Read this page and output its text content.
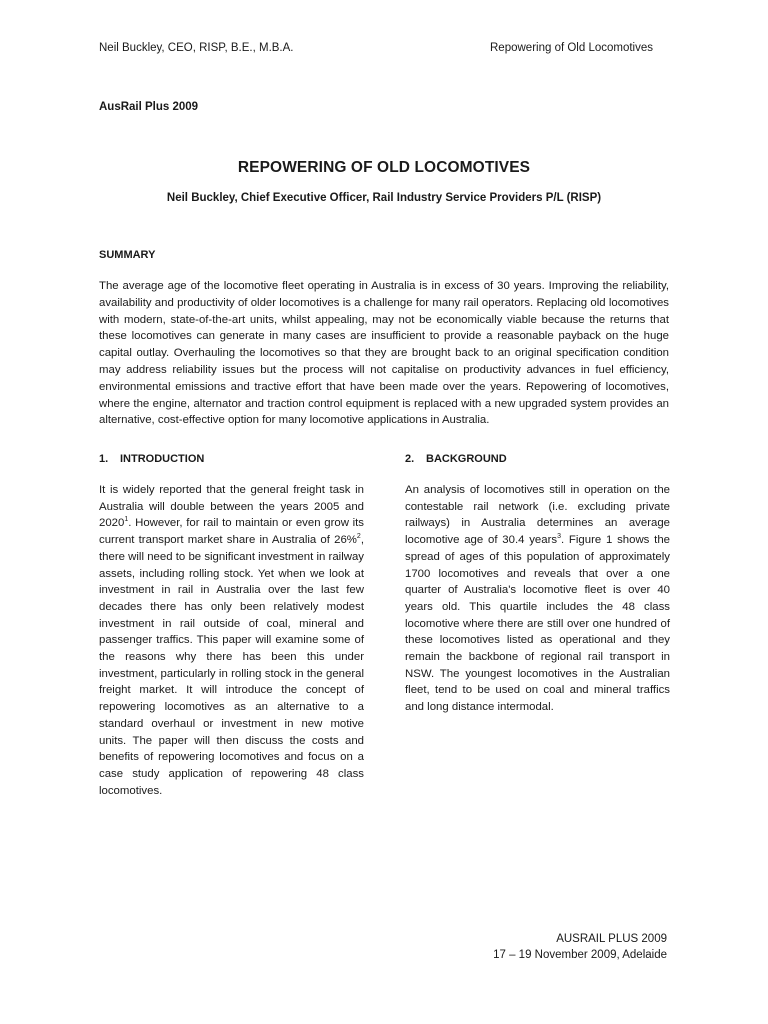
Neil Buckley, CEO, RISP, B.E., M.B.A.	Repowering of Old Locomotives
AusRail Plus 2009
REPOWERING OF OLD LOCOMOTIVES
Neil Buckley, Chief Executive Officer, Rail Industry Service Providers P/L (RISP)
SUMMARY
The average age of the locomotive fleet operating in Australia is in excess of 30 years. Improving the reliability, availability and productivity of older locomotives is a challenge for many rail operators. Replacing old locomotives with modern, state-of-the-art units, whilst appealing, may not be economically viable because the returns that these locomotives can generate in many cases are insufficient to provide a reasonable payback on the huge capital outlay. Overhauling the locomotives so that they are brought back to an original specification condition may address reliability issues but the process will not capitalise on productivity advances in fuel efficiency, environmental emissions and tractive effort that have been made over the years. Repowering of locomotives, where the engine, alternator and traction control equipment is replaced with a new upgraded system provides an alternative, cost-effective option for many locomotive applications in Australia.
1. INTRODUCTION
It is widely reported that the general freight task in Australia will double between the years 2005 and 2020$^1$. However, for rail to maintain or even grow its current transport market share in Australia of 26%$^2$, there will need to be significant investment in railway assets, including rolling stock. Yet when we look at investment in rail in Australia over the last few decades there has only been relatively modest investment in rail outside of coal, mineral and passenger traffics. This paper will examine some of the reasons why there has been this under investment, particularly in rolling stock in the general freight market. It will introduce the concept of repowering locomotives as an alternative to a standard overhaul or investment in new motive units. The paper will then discuss the costs and benefits of repowering locomotives and focus on a case study application of repowering 48 class locomotives.
2. BACKGROUND
An analysis of locomotives still in operation on the contestable rail network (i.e. excluding private railways) in Australia determines an average locomotive age of 30.4 years$^3$. Figure 1 shows the spread of ages of this population of approximately 1700 locomotives and reveals that over a one quarter of Australia's locomotive fleet is over 40 years old. This quartile includes the 48 class locomotive where there are still over one hundred of these locomotives listed as operational and they remain the backbone of regional rail transport in NSW. The youngest locomotives in the Australian fleet, tend to be used on coal and mineral traffics and long distance intermodal.
AUSRAIL PLUS 2009
17 – 19 November 2009, Adelaide
